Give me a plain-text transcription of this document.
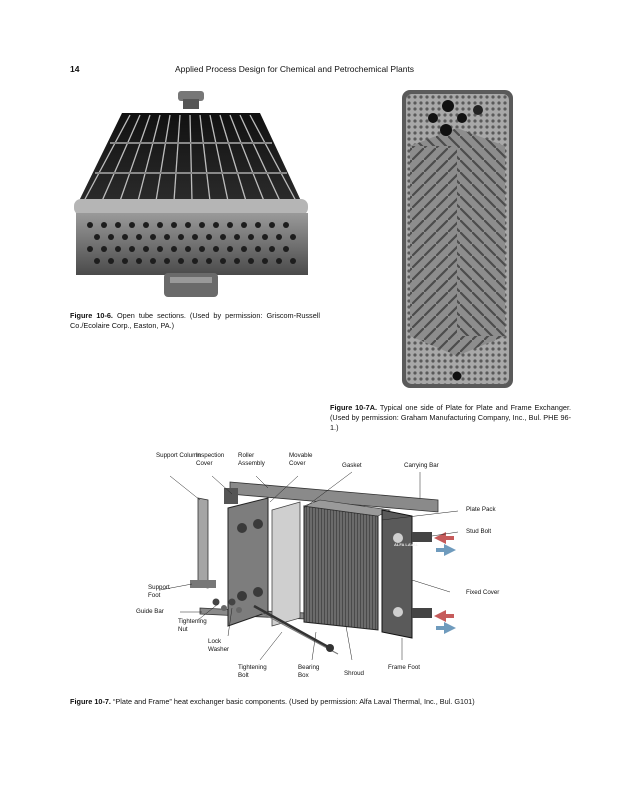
14	Applied Process Design for Chemical and Petrochemical Plants
Figure 10-6. Open tube sections. (Used by permission: Griscom-Russell Co./Ecolaire Corp., Easton, PA.)
Figure 10-7A. Typical one side of Plate for Plate and Frame Exchanger. (Used by permission: Graham Manufacturing Company, Inc., Bul. PHE 96-1.)
Support Column
Inspection Cover
Roller Assembly
Movable Cover	Gasket	Carrying Bar
Plate Pack
Stud Bolt
Support Foot	Fixed Cover
Guide Bar
Tightening Nut
Lock Washer
Tightening Bolt
Bearing Box	Shroud
Frame Foot
ALFA LAVAL
Figure 10-7. “Plate and Frame” heat exchanger basic components. (Used by permission: Alfa Laval Thermal, Inc., Bul. G101)
